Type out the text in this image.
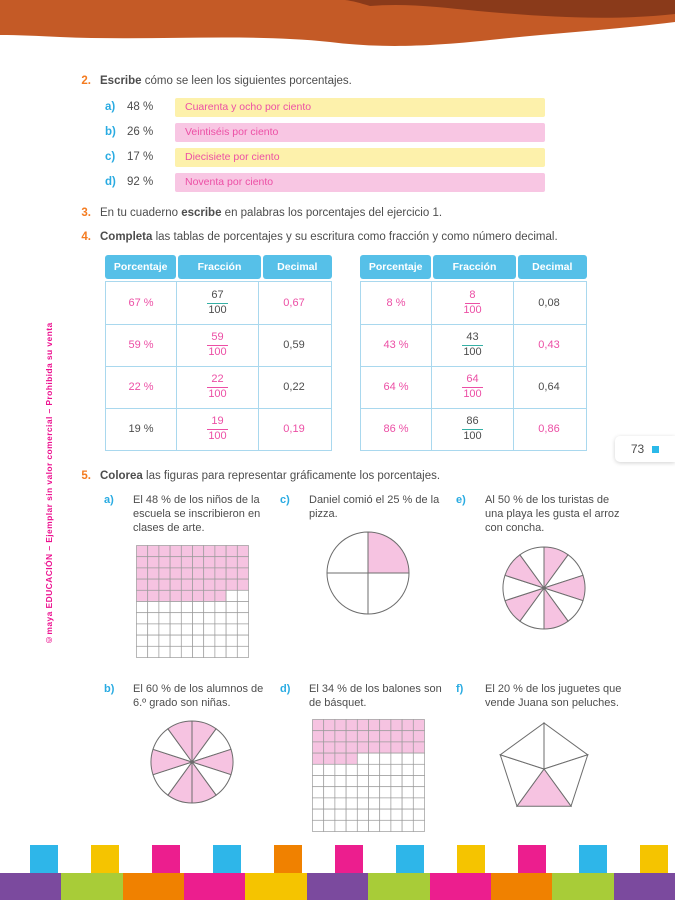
©maya EDUCACIÓN – Ejemplar sin valor comercial – Prohibida su venta
2. Escribe cómo se leen los siguientes porcentajes.
a)	48 %	Cuarenta y ocho por ciento
b) 26 %	Veintiséis por ciento
c)	17 %	Diecisiete por ciento
d) 92 %	Noventa por ciento
3. En tu cuaderno escribe en palabras los porcentajes del ejercicio 1.
4. Completa las tablas de porcentajes y su escritura como fracción y como número decimal.
Porcentaje	Fracción	Decimal
67 %	$\frac{67}{100}$	0,67
59 %	$\frac{59}{100}$	0,59
22 %	$\frac{22}{100}$	0,22
19 %	$\frac{19}{100}$	0,19
Porcentaje	Fracción	Decimal
8 %	$\frac{8}{100}$	0,08
43 %	$\frac{43}{100}$	0,43
64 %	$\frac{64}{100}$	0,64
86 %	$\frac{86}{100}$	0,86
5. Colorea las figuras para representar gráficamente los porcentajes.
a)	El 48 % de los niños de la escuela se inscribieron en clases de arte.
c)	Daniel comió el 25 % de la pizza.
e)	Al 50 % de los turistas de una playa les gusta el arroz con concha.
b)	El 60 % de los alumnos de 6.º grado son niñas.
d)	El 34 % de los balones son de básquet.
f)	El 20 % de los juguetes que vende Juana son peluches.
73
